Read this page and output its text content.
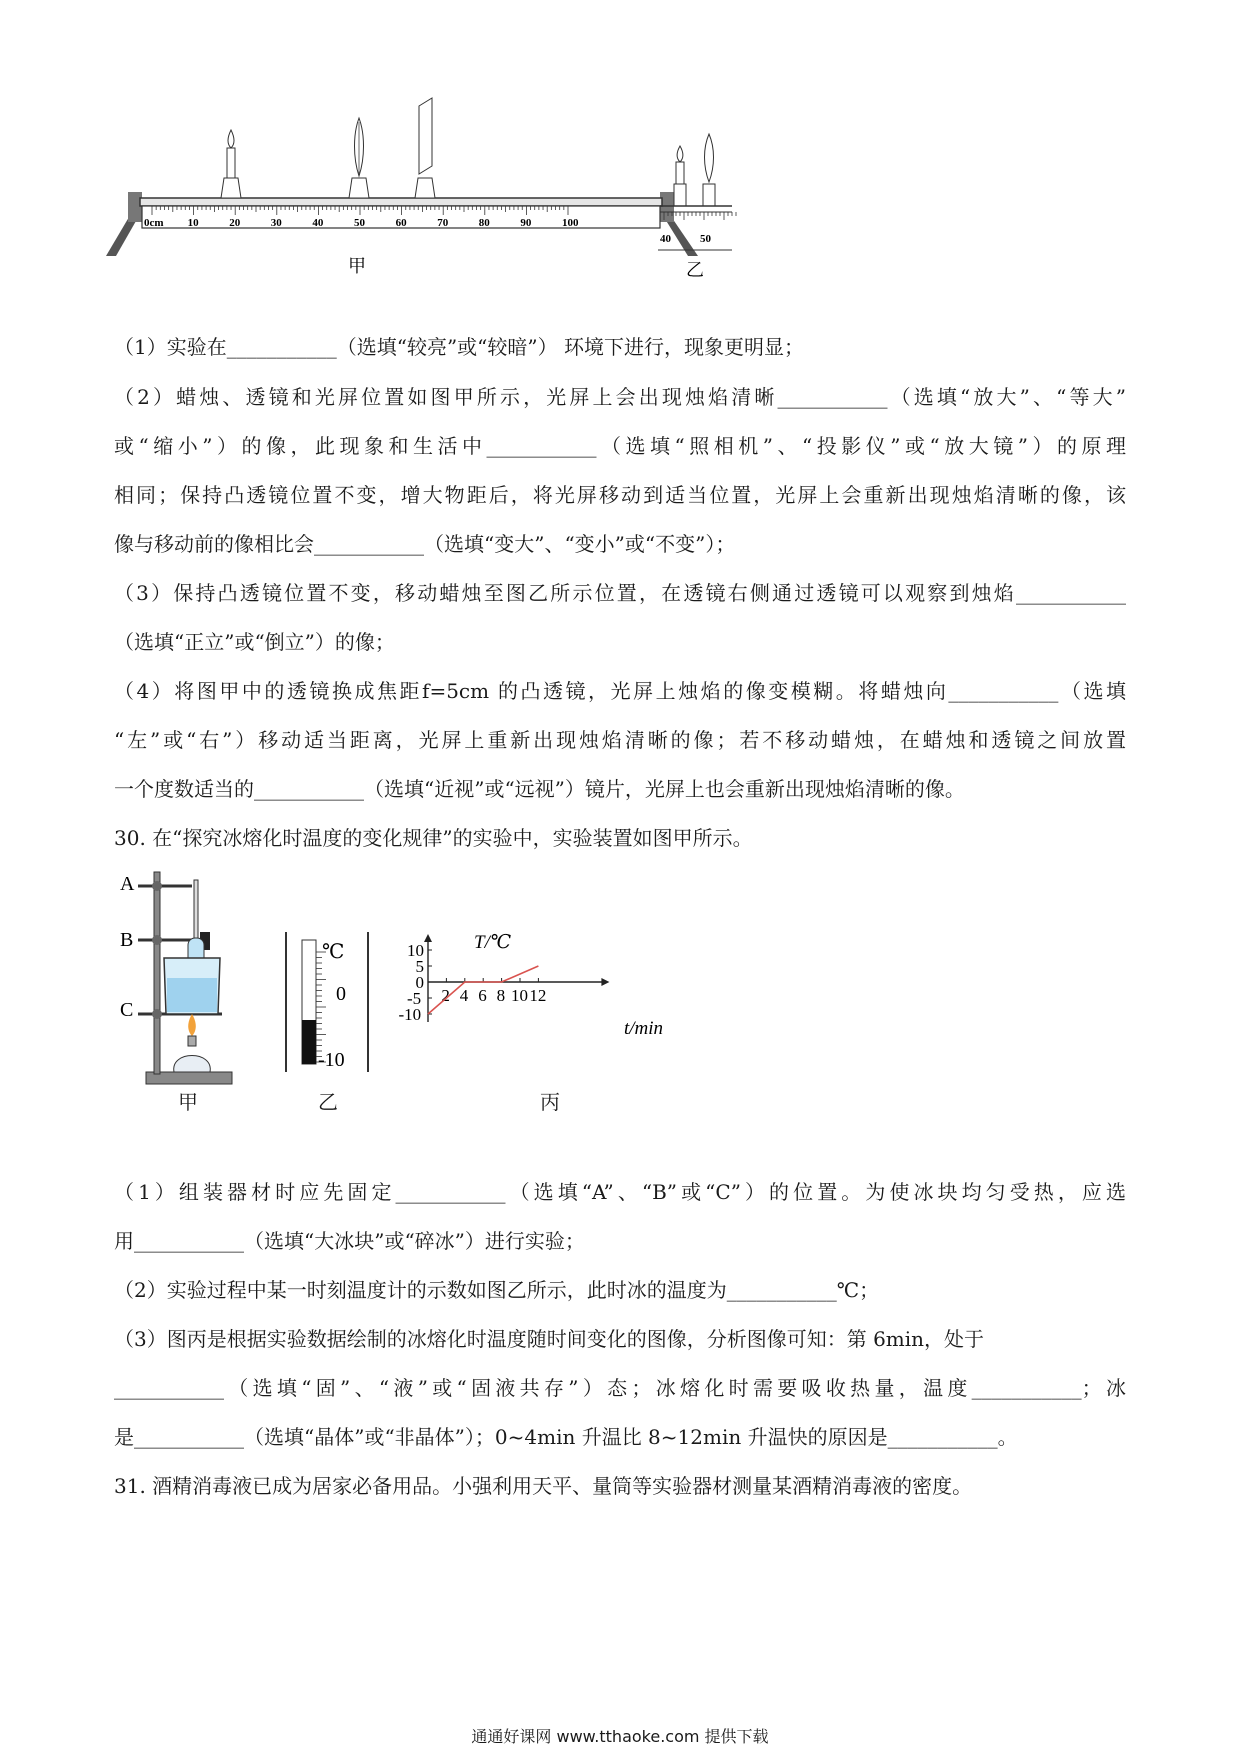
0cm 10	20	30	40	50	60	70	80	90	100
甲
40	50
乙
（1）实验在___________（选填“较亮”或“较暗”） 环境下进行，现象更明显；
（2）蜡烛、透镜和光屏位置如图甲所示，光屏上会出现烛焰清晰___________（选填“放大”、“等大”
或“缩小”）的像，此现象和生活中___________（选填“照相机”、“投影仪”或“放大镜”）的原理
相同；保持凸透镜位置不变，增大物距后，将光屏移动到适当位置，光屏上会重新出现烛焰清晰的像，该
像与移动前的像相比会___________（选填“变大”、“变小”或“不变”）；
（3）保持凸透镜位置不变，移动蜡烛至图乙所示位置，在透镜右侧通过透镜可以观察到烛焰___________
（选填“正立”或“倒立”）的像；
（4）将图甲中的透镜换成焦距f=5cm 的凸透镜，光屏上烛焰的像变模糊。将蜡烛向___________（选填
“左”或“右”）移动适当距离，光屏上重新出现烛焰清晰的像；若不移动蜡烛，在蜡烛和透镜之间放置
一个度数适当的___________（选填“近视”或“远视”）镜片，光屏上也会重新出现烛焰清晰的像。
30. 在“探究冰熔化时温度的变化规律”的实验中，实验装置如图甲所示。
A
B
C
甲
℃
0
-10
乙
T/℃
t/min
2 4 6 8 10 12
10
5
0
-5
-10
丙
（1）组装器材时应先固定___________（选填“A”、“B”或“C”）的位置。为使冰块均匀受热，应选
用___________（选填“大冰块”或“碎冰”）进行实验；
（2）实验过程中某一时刻温度计的示数如图乙所示，此时冰的温度为___________℃；
（3）图丙是根据实验数据绘制的冰熔化时温度随时间变化的图像，分析图像可知：第 6min，处于
___________（选填“固”、“液”或“固液共存”）态；冰熔化时需要吸收热量，温度___________；冰
是___________（选填“晶体”或“非晶体”）；0~4min 升温比 8~12min 升温快的原因是___________。
31. 酒精消毒液已成为居家必备用品。小强利用天平、量筒等实验器材测量某酒精消毒液的密度。
通通好课网 www.tthaoke.com 提供下载
